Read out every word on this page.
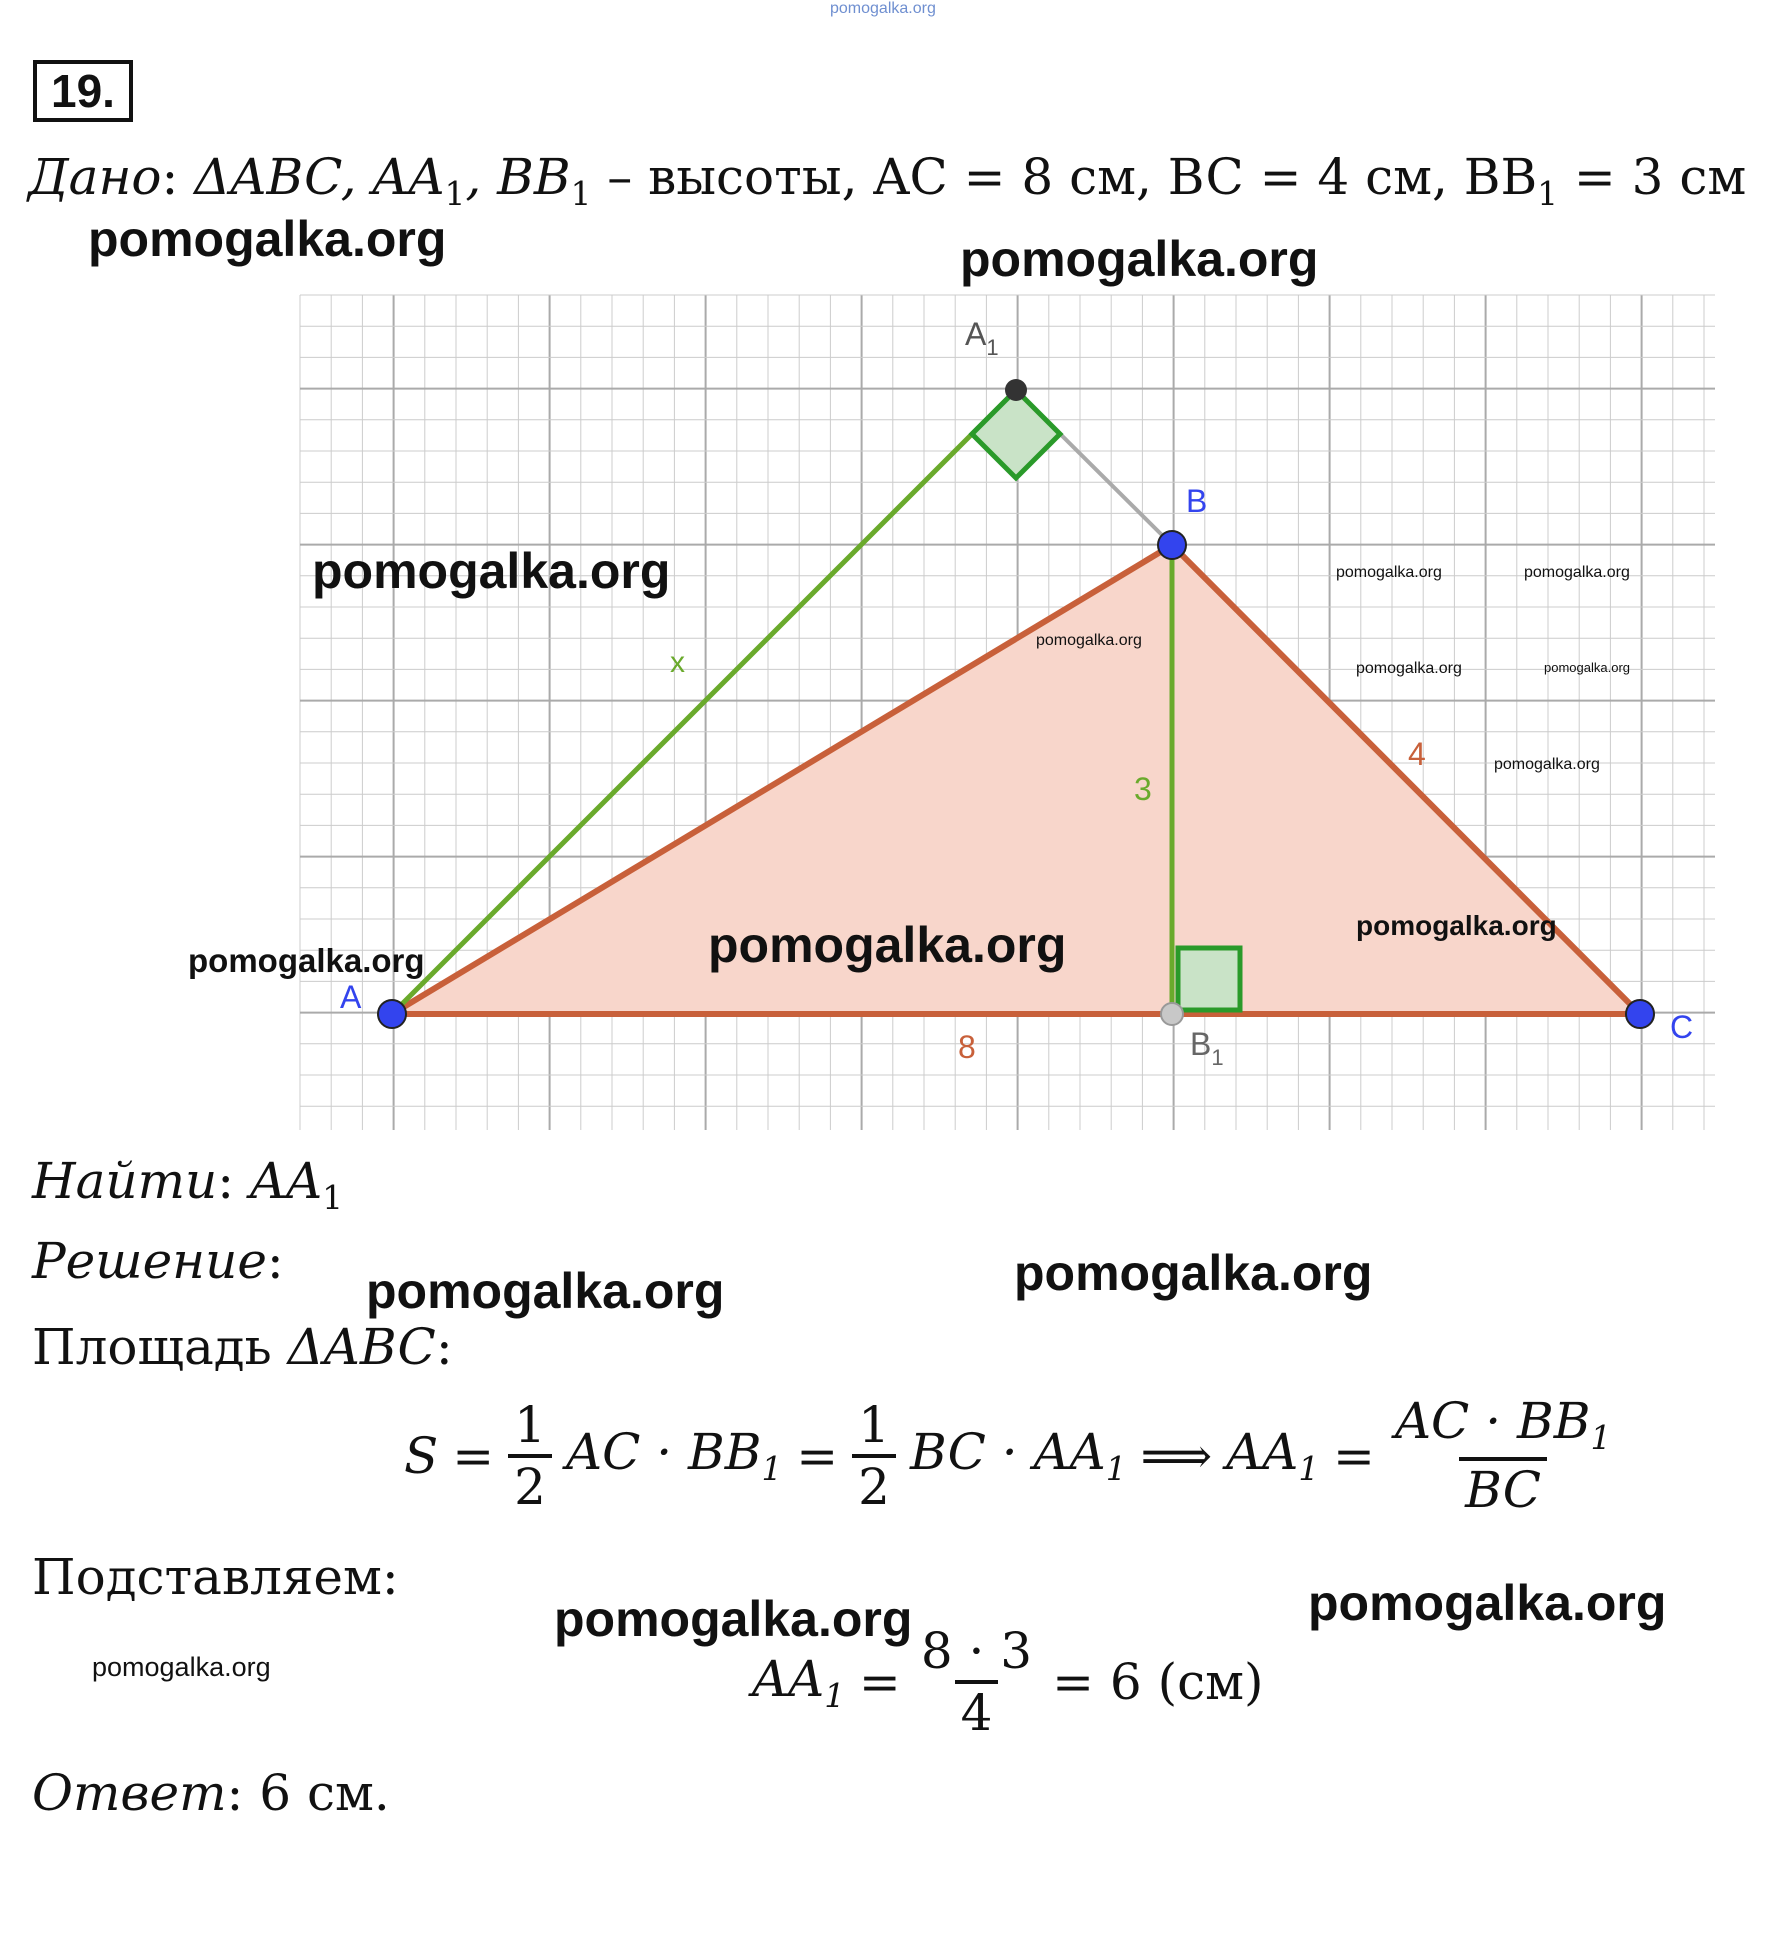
pomogalka.org
19.
Дано: ΔABC, $AA_1$, $BB_1$ – высоты, AC = 8 см, BC = 4 см, $BB_1 = 3$ см
pomogalka.org	pomogalka.org
$A_1$
B
A
C
$B_1$
x
3
4
8
pomogalka.org
pomogalka.org
pomogalka.org
pomogalka.org
pomogalka.org
pomogalka.org	pomogalka.org
pomogalka.org	pomogalka.org
pomogalka.org
Найти: $AA_1$
Решение:
pomogalka.org	pomogalka.org
Площадь ΔABC:
$S = \frac{1}{2}$ AC · $BB_1 = \frac{1}{2}$ BC · $AA_1$ ⟹ $AA_1 = \frac{AC \cdot BB_1}{BC}$
Подставляем:
pomogalka.org	pomogalka.org
pomogalka.org	$AA_1 = \frac{8 \cdot 3}{4} = 6$ (см)
Ответ: 6 см.
